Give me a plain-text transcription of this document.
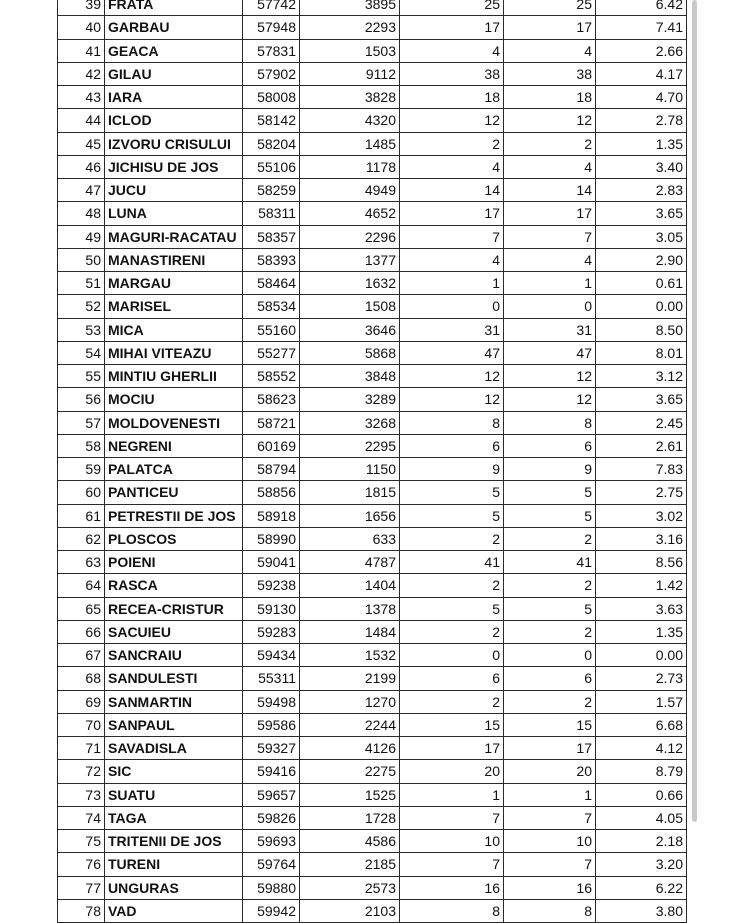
39	FRATA	57742	3895	25	25	6.42
40	GARBAU	57948	2293	17	17	7.41
41	GEACA	57831	1503	4	4	2.66
42	GILAU	57902	9112	38	38	4.17
43	IARA	58008	3828	18	18	4.70
44	ICLOD	58142	4320	12	12	2.78
45	IZVORU CRISULUI	58204	1485	2	2	1.35
46	JICHISU DE JOS	55106	1178	4	4	3.40
47	JUCU	58259	4949	14	14	2.83
48	LUNA	58311	4652	17	17	3.65
49	MAGURI-RACATAU	58357	2296	7	7	3.05
50	MANASTIRENI	58393	1377	4	4	2.90
51	MARGAU	58464	1632	1	1	0.61
52	MARISEL	58534	1508	0	0	0.00
53	MICA	55160	3646	31	31	8.50
54	MIHAI VITEAZU	55277	5868	47	47	8.01
55	MINTIU GHERLII	58552	3848	12	12	3.12
56	MOCIU	58623	3289	12	12	3.65
57	MOLDOVENESTI	58721	3268	8	8	2.45
58	NEGRENI	60169	2295	6	6	2.61
59	PALATCA	58794	1150	9	9	7.83
60	PANTICEU	58856	1815	5	5	2.75
61	PETRESTII DE JOS	58918	1656	5	5	3.02
62	PLOSCOS	58990	633	2	2	3.16
63	POIENI	59041	4787	41	41	8.56
64	RASCA	59238	1404	2	2	1.42
65	RECEA-CRISTUR	59130	1378	5	5	3.63
66	SACUIEU	59283	1484	2	2	1.35
67	SANCRAIU	59434	1532	0	0	0.00
68	SANDULESTI	55311	2199	6	6	2.73
69	SANMARTIN	59498	1270	2	2	1.57
70	SANPAUL	59586	2244	15	15	6.68
71	SAVADISLA	59327	4126	17	17	4.12
72	SIC	59416	2275	20	20	8.79
73	SUATU	59657	1525	1	1	0.66
74	TAGA	59826	1728	7	7	4.05
75	TRITENII DE JOS	59693	4586	10	10	2.18
76	TURENI	59764	2185	7	7	3.20
77	UNGURAS	59880	2573	16	16	6.22
78	VAD	59942	2103	8	8	3.80
